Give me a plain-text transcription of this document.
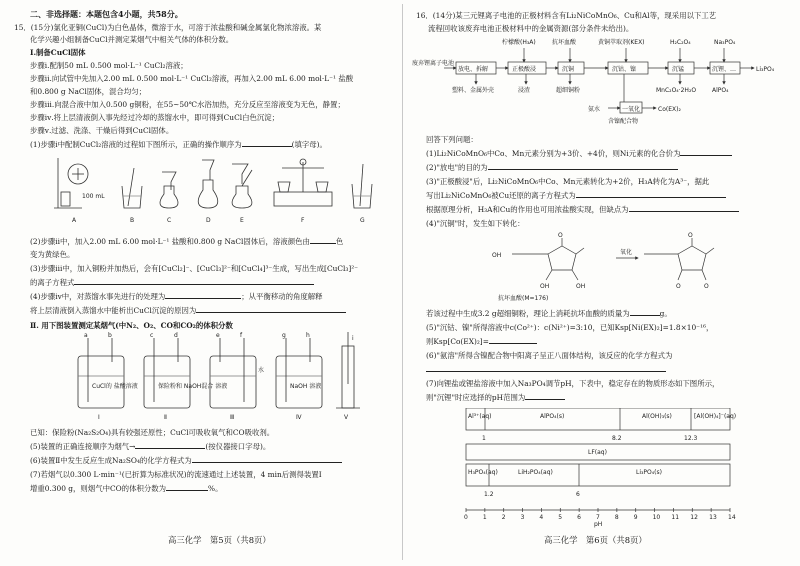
二、非选择题：本题包含4小题，共58分。
15．(15分)氯化亚铜(CuCl)为白色晶体，微溶于水，可溶于浓盐酸和碱金属氯化物浓溶液。某
化学兴趣小组制备CuCl并测定某烟气中相关气体的体积分数。
Ⅰ.制备CuCl固体
步骤ⅰ.配制50 mL 0.500 mol·L⁻¹ CuCl₂溶液；
步骤ⅱ.向试管中先加入2.00 mL 0.500 mol·L⁻¹ CuCl₂溶液，再加入2.00 mL 6.00 mol·L⁻¹ 盐酸
和0.800 g NaCl固体，混合均匀；
步骤ⅲ.向混合液中加入0.500 g铜粉，在55~50℃水浴加热，充分反应至溶液变为无色，静置；
步骤ⅳ.将上层清液倒入事先经过冷却的蒸馏水中，即可得到CuCl白色沉淀；
步骤ⅴ.过滤、洗涤、干燥后得到CuCl固体。
(1)步骤ⅰ中配制CuCl₂溶液的过程如下图所示，正确的操作顺序为	(填字母)。
100 mL
A	B	C	D	E	F	G
(2)步骤ⅱ中，加入2.00 mL 6.00 mol·L⁻¹ 盐酸和0.800 g NaCl固体后，溶液颜色由	色
变为黄绿色。
(3)步骤ⅲ中，加入铜粉并加热后，会有[CuCl₂]⁻、[CuCl₃]²⁻和[CuCl₄]³⁻生成，写出生成[CuCl₃]²⁻
的离子方程式
(4)步骤ⅳ中，对蒸馏水事先进行的处理为	；从平衡移动的角度解释
将上层清液倒入蒸馏水中能析出CuCl沉淀的原因为
Ⅱ. 用下图装置测定某烟气(中N₂、O₂、CO和CO₂的体积分数
a	b	c	d	e	f	g	h	i
CuCl的 盐酸溶液	保险粉和 NaOH混合 溶液
水
NaOH 溶液
Ⅰ	Ⅱ	Ⅲ	Ⅳ	Ⅴ
已知：保险粉(Na₂S₂O₄)具有较强还原性；CuCl可吸收氧气和CO吸收剂。
(5)装置的正确连接顺序为烟气→	(按仪器接口字母)。
(6)装置Ⅱ中发生反应生成Na₂SO₄的化学方程式为
(7)若烟气以0.300 L·min⁻¹(已折算为标准状况)的流速通过上述装置，4 min后测得装置Ⅰ
增重0.300 g，则烟气中CO的体积分数为	%。
高三化学　第5页（共8页）
16．(14分)某三元锂离子电池的正极材料含有Li₂NiCoMnO₆、Cu和Al等，现采用以下工艺
流程回收该废弃电池正极材料中的金属资源(部分条件未给出)。
废弃锂离子电池
柠檬酸(H₃A)	抗坏血酸	黄铜萃取剂(KEX)	H₂C₂O₄	Na₃PO₄
放电、拆解	正极酸浸	沉铜	沉钴、镍	沉锰	沉锂、…	Li₃PO₄
塑料、金属外壳	浸渣	超细铜粉	MnC₂O₄·2H₂O	AlPO₄
氨水	一氧化	Co(EX)₂
含镍配合物
回答下列问题：
(1)Li₂NiCoMnO₆中Co、Mn元素分别为+3价、+4价，则Ni元素的化合价为
(2)"放电"的目的为
(3)"正极酸浸"后，Li₂NiCoMnO₆中Co、Mn元素转化为+2价，H₃A转化为A³⁻，据此
写出Li₂NiCoMnO₆被Cu还原的离子方程式为
根据原理分析，H₃A和Cu的作用也可用浓盐酸实现，但缺点为
(4)"沉铜"时，发生如下转化：
OH
OH	OH
O
氧化
O	O
O
抗坏血酸(M=176)
若该过程中生成3.2 g超细铜粉，理论上消耗抗坏血酸的质量为	g。
(5)"沉钴、镍"所得溶液中c(Co²⁺)：c(Ni²⁺)=3:10，已知Ksp[Ni(EX)₂]=1.8×10⁻¹⁶，
则Ksp[Co(EX)₂]=
(6)"氨溶"所得含镍配合物中阳离子呈正八面体结构，该反应的化学方程式为
(7)向锂盐或锂盐溶液中加入Na₃PO₄调节pH，下表中，稳定存在的物质形态如下图所示，
则"沉锂"时应选择的pH范围为
高三化学　第6页（共8页）
0	1	2	3	4	5	6	7	8	9	10 11 12 13 14
Al³⁺(aq)	AlPO₄(s)	Al(OH)₃(s)	[Al(OH)₄]⁻(aq)
1	8.2	12.3
LF(aq)
H₃PO₄(aq)	LiH₂PO₄(aq)	Li₃PO₄(s)
1.2	6
pH
